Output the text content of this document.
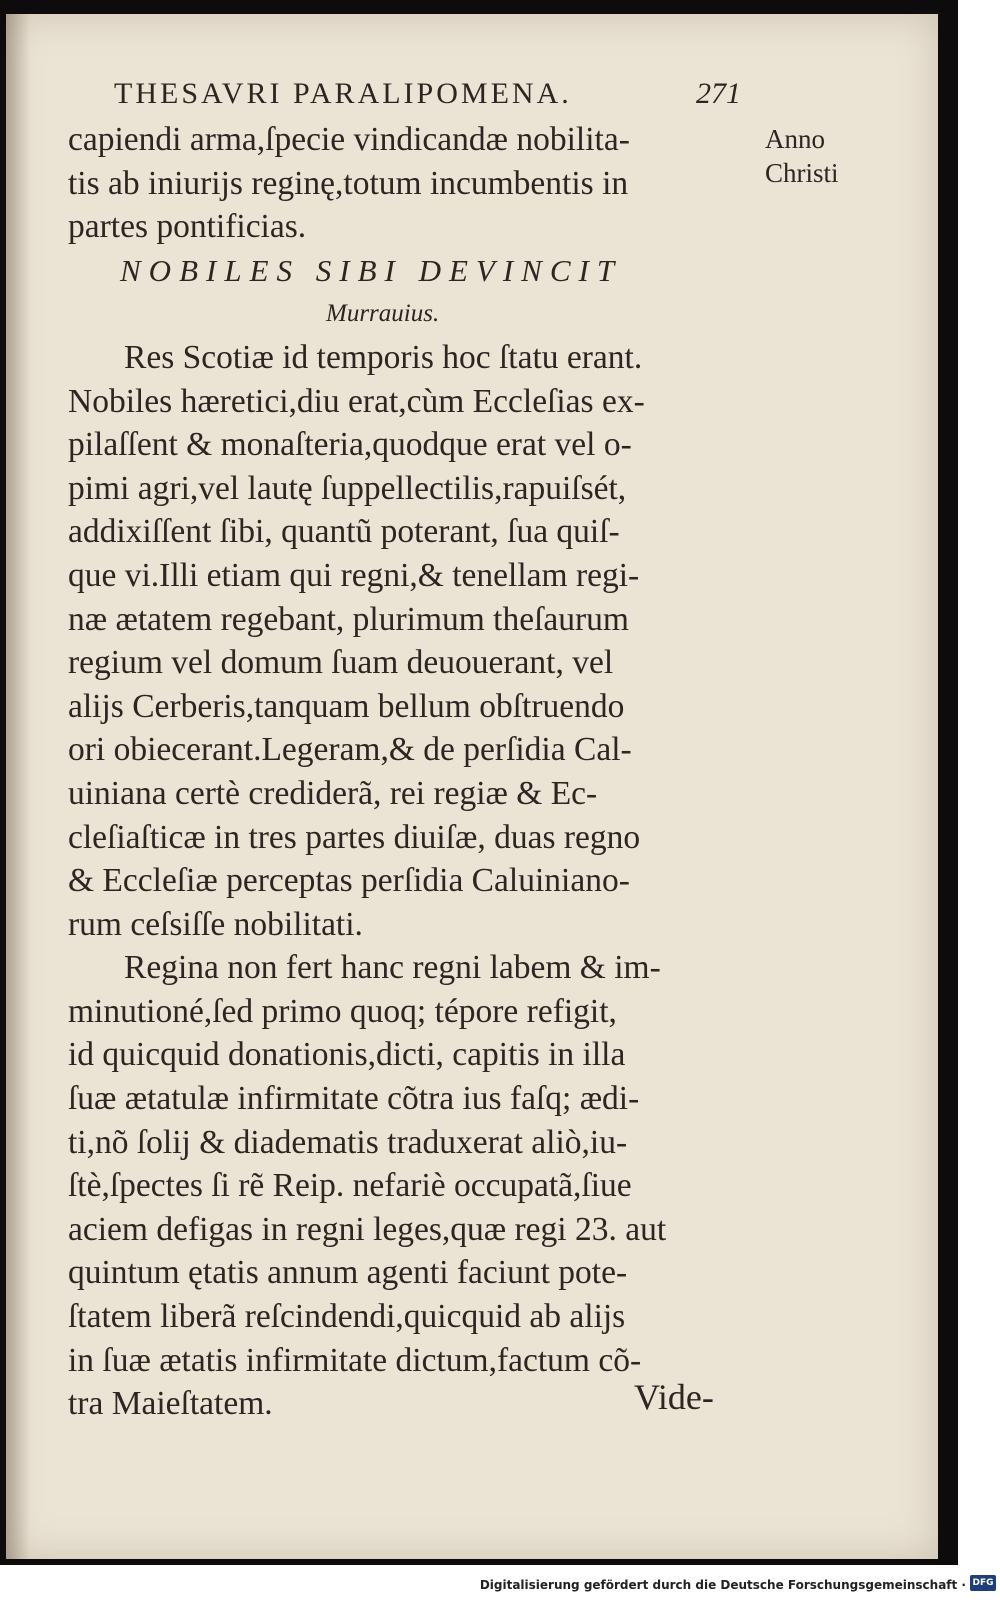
THESAVRI PARALIPOMENA.	271
Anno
Christi
capiendi arma,ſpecie vindicandæ nobilita-
tis ab iniurijs reginę,totum incumbentis in
partes pontificias.
NOBILES SIBI DEVINCIT
Murrauius.
Res Scotiæ id temporis hoc ſtatu erant.
Nobiles hæretici,diu erat,cùm Eccleſias ex-
pilaſſent & monaſteria,quodque erat vel o-
pimi agri,vel lautę ſuppellectilis,rapuiſsét,
addixiſſent ſibi, quantũ poterant, ſua quiſ-
que vi.Illi etiam qui regni,& tenellam regi-
næ ætatem regebant, plurimum theſaurum
regium vel domum ſuam deuouerant, vel
alijs Cerberis,tanquam bellum obſtruendo
ori obiecerant.Legeram,& de perſidia Cal-
uiniana certè crediderã, rei regiæ & Ec-
cleſiaſticæ in tres partes diuiſæ, duas regno
& Eccleſiæ perceptas perſidia Caluiniano-
rum ceſsiſſe nobilitati.
Regina non fert hanc regni labem & im-
minutioné,ſed primo quoq; tépore refigit,
id quicquid donationis,dicti, capitis in illa
ſuæ ætatulæ infirmitate cõtra ius faſq; ædi-
ti,nõ ſolij & diadematis traduxerat aliò,iu-
ſtè,ſpectes ſi rẽ Reip. nefariè occupatã,ſiue
aciem defigas in regni leges,quæ regi 23. aut
quintum ętatis annum agenti faciunt pote-
ſtatem liberã reſcindendi,quicquid ab alijs
in ſuæ ætatis infirmitate dictum,factum cõ-
tra Maieſtatem.	Vide-
Digitalisierung gefördert durch die Deutsche Forschungsgemeinschaft · DFG
